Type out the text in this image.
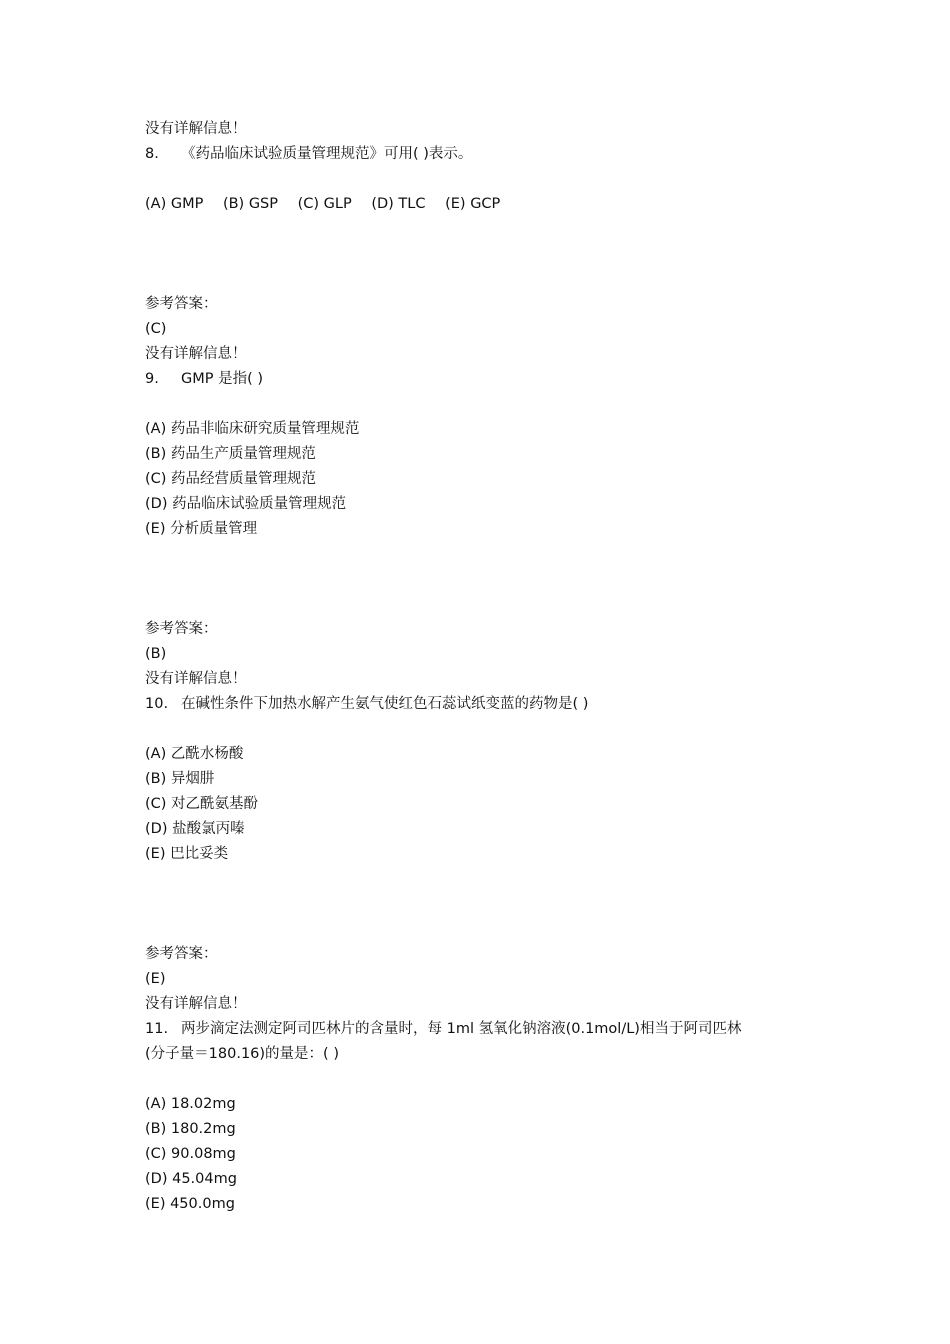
没有详解信息！
8. 《药品临床试验质量管理规范》可用( )表示。
(A) GMP (B) GSP (C) GLP (D) TLC (E) GCP
参考答案：
(C)
没有详解信息！
9. GMP 是指( )
(A) 药品非临床研究质量管理规范
(B) 药品生产质量管理规范
(C) 药品经营质量管理规范
(D) 药品临床试验质量管理规范
(E) 分析质量管理
参考答案：
(B)
没有详解信息！
10. 在碱性条件下加热水解产生氨气使红色石蕊试纸变蓝的药物是( )
(A) 乙酰水杨酸
(B) 异烟肼
(C) 对乙酰氨基酚
(D) 盐酸氯丙嗪
(E) 巴比妥类
参考答案：
(E)
没有详解信息！
11. 两步滴定法测定阿司匹林片的含量时，每 1ml 氢氧化钠溶液(0.1mol/L)相当于阿司匹林
(分子量＝180.16)的量是：( )
(A) 18.02mg
(B) 180.2mg
(C) 90.08mg
(D) 45.04mg
(E) 450.0mg
